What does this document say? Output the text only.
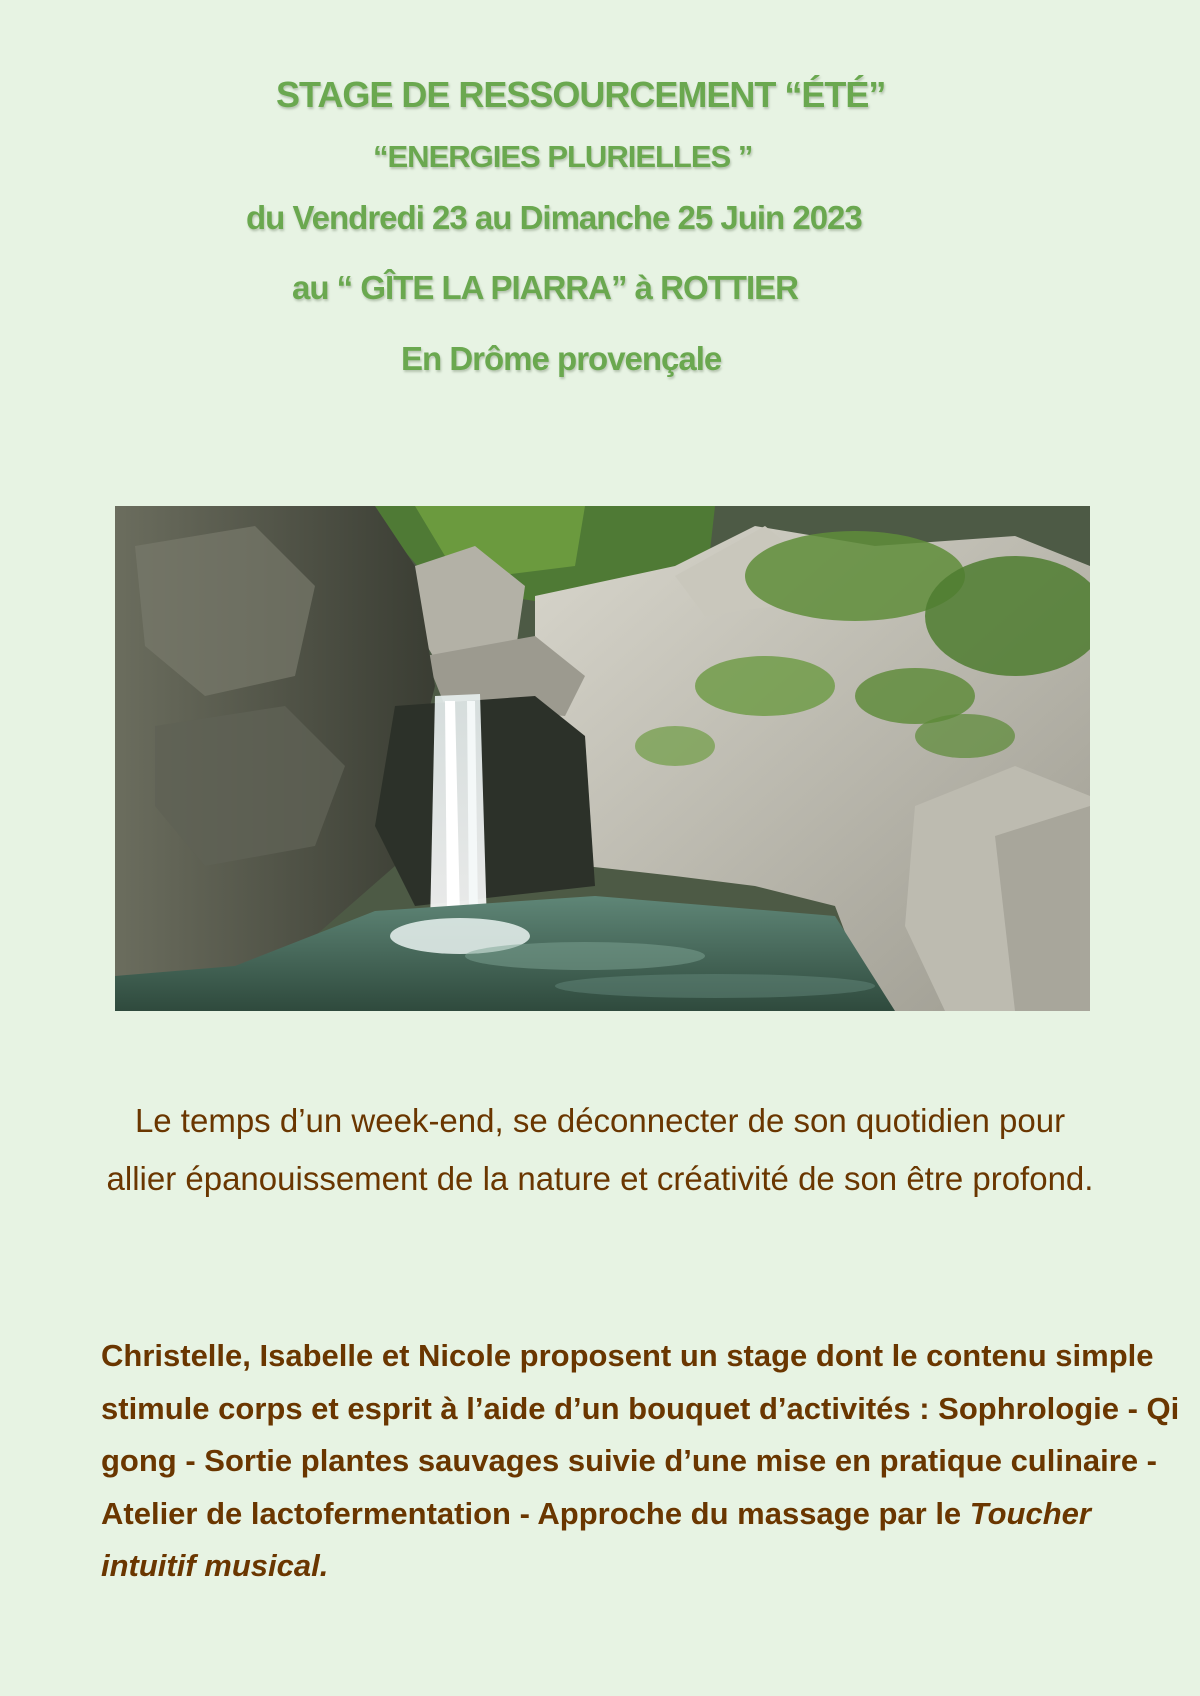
STAGE DE RESSOURCEMENT “ÉTÉ”
“ENERGIES PLURIELLES ”
du Vendredi 23 au Dimanche 25 Juin 2023
au “ GÎTE LA PIARRA” à ROTTIER
En Drôme provençale

Le temps d’un week-end, se déconnecter de son quotidien pour allier épanouissement de la nature et créativité de son être profond.

Christelle, Isabelle et Nicole proposent un stage dont le contenu simple stimule corps et esprit à l’aide d’un bouquet d’activités : Sophrologie - Qi gong - Sortie plantes sauvages suivie d’une mise en pratique culinaire - Atelier de lactofermentation - Approche du massage par le Toucher intuitif musical.
